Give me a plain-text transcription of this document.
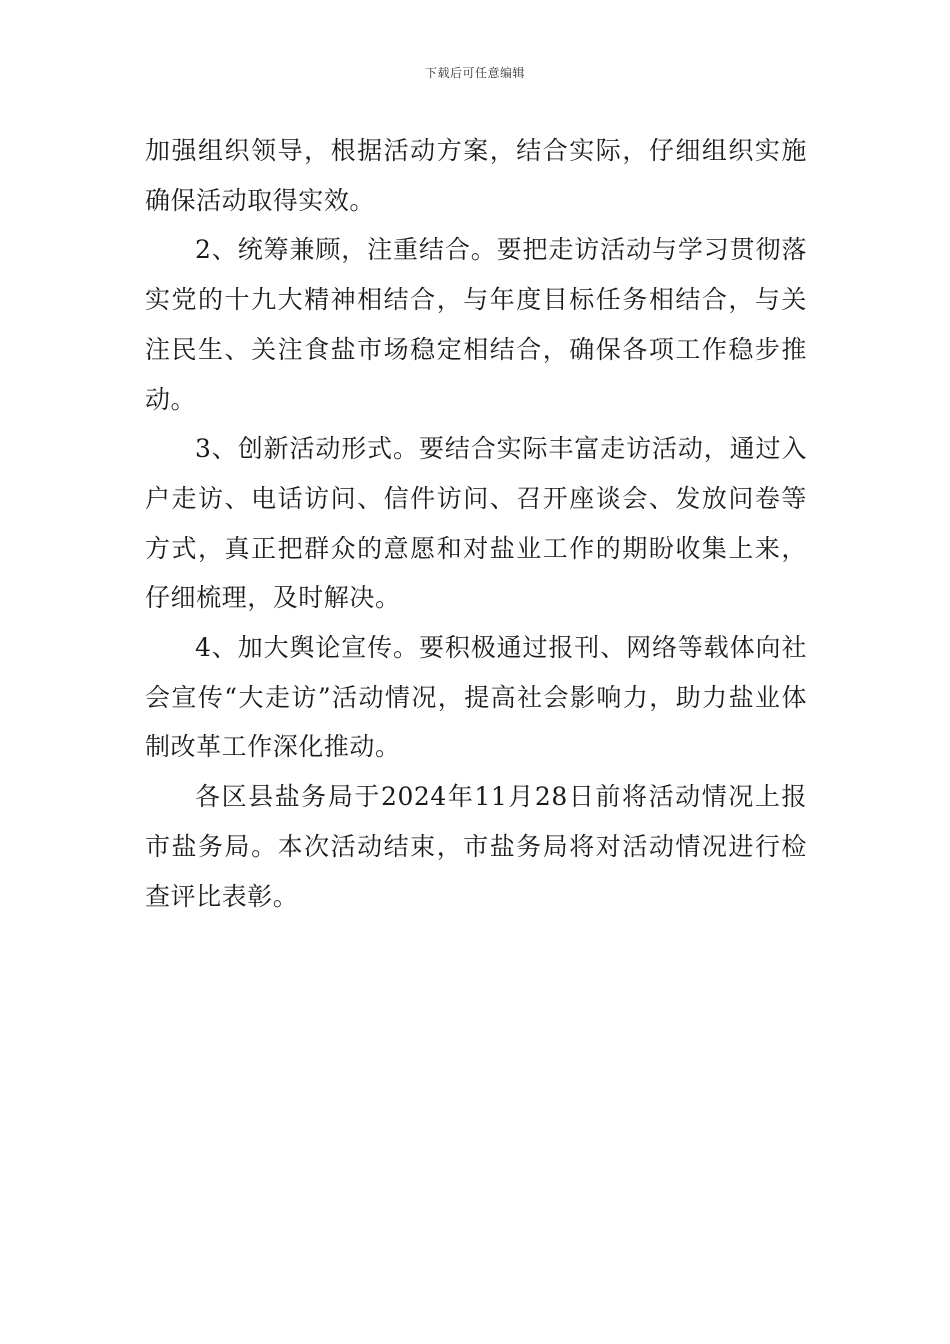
下载后可任意编辑

加强组织领导，根据活动方案，结合实际，仔细组织实施确保活动取得实效。

2、统筹兼顾，注重结合。要把走访活动与学习贯彻落实党的十九大精神相结合，与年度目标任务相结合，与关注民生、关注食盐市场稳定相结合，确保各项工作稳步推动。

3、创新活动形式。要结合实际丰富走访活动，通过入户走访、电话访问、信件访问、召开座谈会、发放问卷等方式，真正把群众的意愿和对盐业工作的期盼收集上来，仔细梳理，及时解决。

4、加大舆论宣传。要积极通过报刊、网络等载体向社会宣传“大走访”活动情况，提高社会影响力，助力盐业体制改革工作深化推动。

各区县盐务局于2024年11月28日前将活动情况上报市盐务局。本次活动结束，市盐务局将对活动情况进行检查评比表彰。
